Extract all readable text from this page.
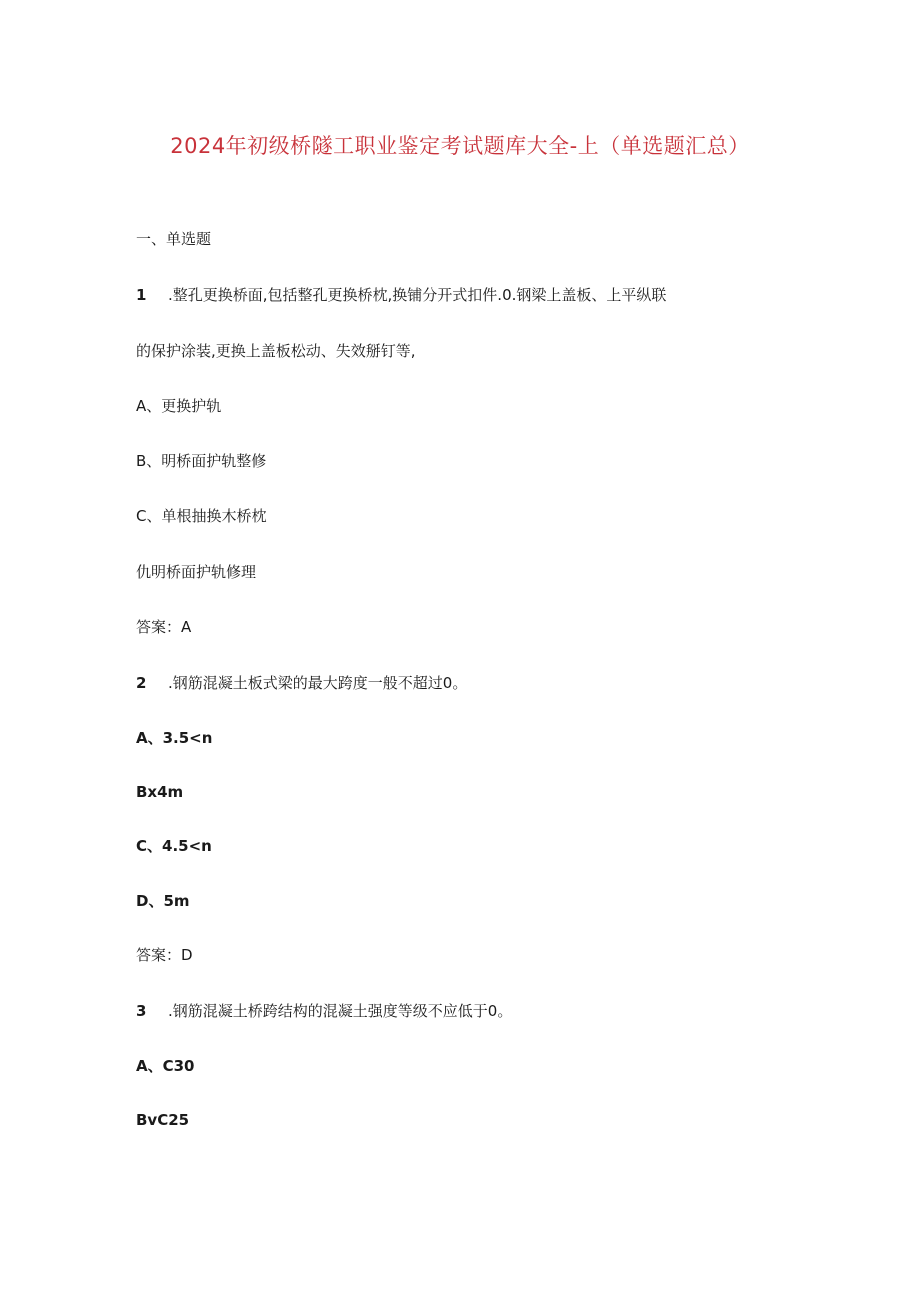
2024年初级桥隧工职业鉴定考试题库大全-上（单选题汇总）
一、单选题
1 .整孔更换桥面,包括整孔更换桥枕,换铺分开式扣件.0.钢梁上盖板、上平纵联
的保护涂装,更换上盖板松动、失效掰钉等,
A、更换护轨
B、明桥面护轨整修
C、单根抽换木桥枕
仇明桥面护轨修理
答案：A
2 .钢筋混凝土板式梁的最大跨度一般不超过0。
A、3.5<n
Bx4m
C、4.5<n
D、5m
答案：D
3 .钢筋混凝土桥跨结构的混凝土强度等级不应低于0。
A、C30
BvC25
